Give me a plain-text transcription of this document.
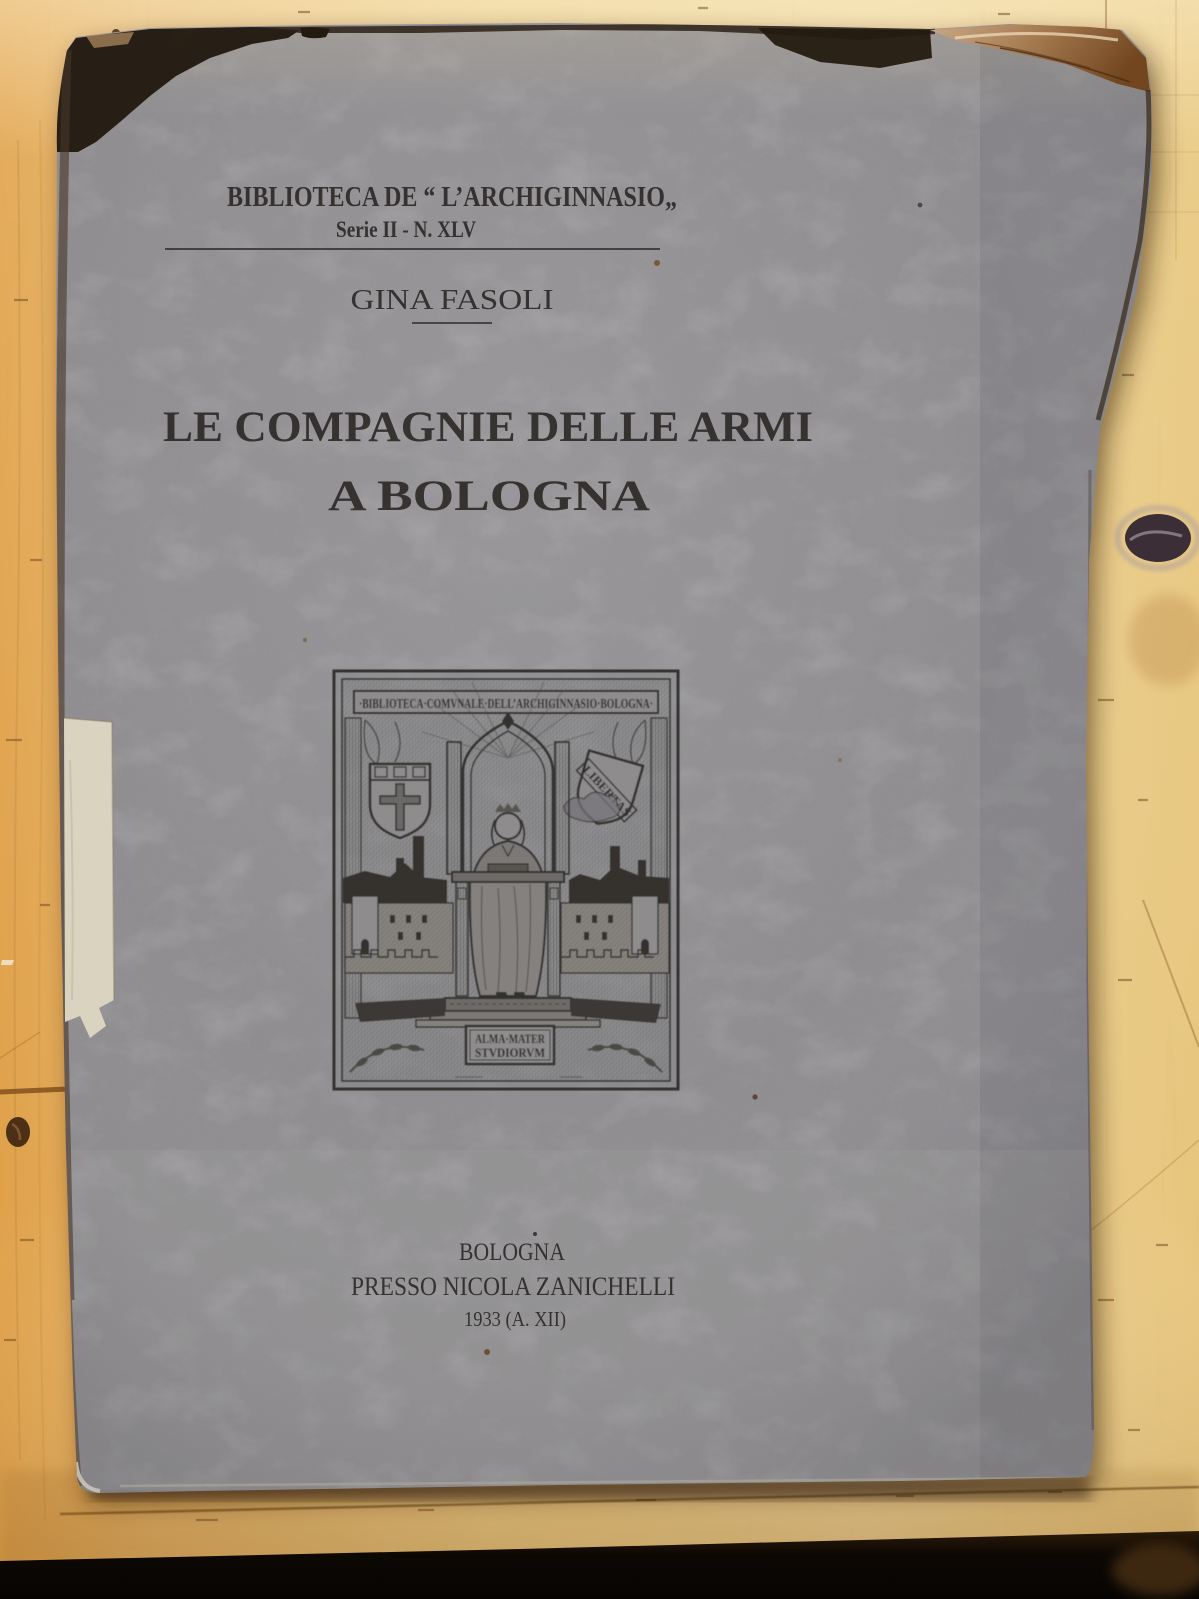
BIBLIOTECA DE “ L’ARCHIGINNASIO„
Serie II - N. XLV
GINA FASOLI
LE COMPAGNIE DELLE ARMI
A BOLOGNA
BOLOGNA
PRESSO NICOLA ZANICHELLI
1933 (A. XII)
·BIBLIOTECA·COMVNALE·DELL’ARCHIGINNASIO·BOLOGNA·
LIBERTAS
ALMA·MATER
STVDIORVM
